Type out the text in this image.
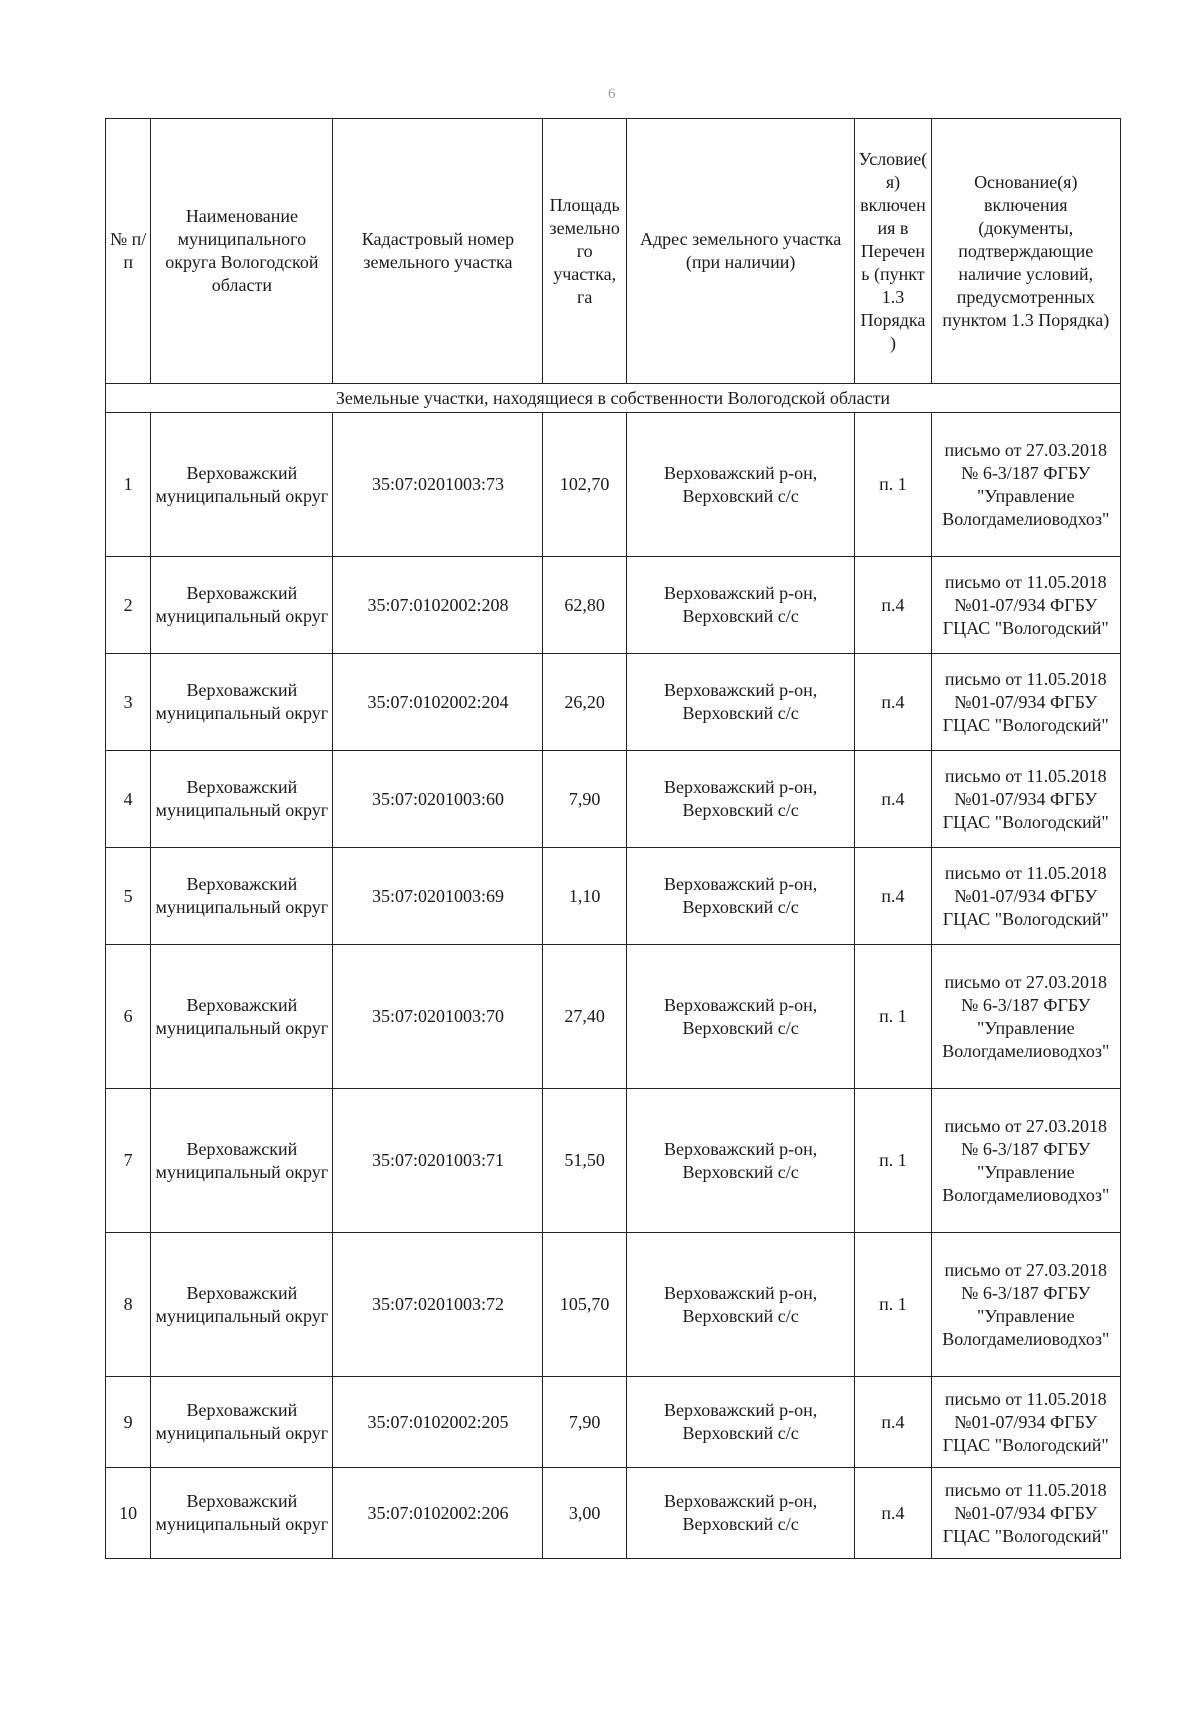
6
№ п/п	Наименование муниципального округа Вологодской области	Кадастровый номер земельного участка	Площадь земельного участка, га	Адрес земельного участка (при наличии)	Условие(я) включения в Перечень (пункт 1.3 Порядка)	Основание(я) включения (документы, подтверждающие наличие условий, предусмотренных пунктом 1.3 Порядка)
Земельные участки, находящиеся в собственности Вологодской области						
1	Верховажский муниципальный округ	35:07:0201003:73	102,70	Верховажский р-он, Верховский с/с	п. 1	письмо от 27.03.2018 № 6-3/187 ФГБУ "Управление Вологдамелиоводхоз"
2	Верховажский муниципальный округ	35:07:0102002:208	62,80	Верховажский р-он, Верховский с/с	п.4	письмо от 11.05.2018 №01-07/934 ФГБУ ГЦАС "Вологодский"
3	Верховажский муниципальный округ	35:07:0102002:204	26,20	Верховажский р-он, Верховский с/с	п.4	письмо от 11.05.2018 №01-07/934 ФГБУ ГЦАС "Вологодский"
4	Верховажский муниципальный округ	35:07:0201003:60	7,90	Верховажский р-он, Верховский с/с	п.4	письмо от 11.05.2018 №01-07/934 ФГБУ ГЦАС "Вологодский"
5	Верховажский муниципальный округ	35:07:0201003:69	1,10	Верховажский р-он, Верховский с/с	п.4	письмо от 11.05.2018 №01-07/934 ФГБУ ГЦАС "Вологодский"
6	Верховажский муниципальный округ	35:07:0201003:70	27,40	Верховажский р-он, Верховский с/с	п. 1	письмо от 27.03.2018 № 6-3/187 ФГБУ "Управление Вологдамелиоводхоз"
7	Верховажский муниципальный округ	35:07:0201003:71	51,50	Верховажский р-он, Верховский с/с	п. 1	письмо от 27.03.2018 № 6-3/187 ФГБУ "Управление Вологдамелиоводхоз"
8	Верховажский муниципальный округ	35:07:0201003:72	105,70	Верховажский р-он, Верховский с/с	п. 1	письмо от 27.03.2018 № 6-3/187 ФГБУ "Управление Вологдамелиоводхоз"
9	Верховажский муниципальный округ	35:07:0102002:205	7,90	Верховажский р-он, Верховский с/с	п.4	письмо от 11.05.2018 №01-07/934 ФГБУ ГЦАС "Вологодский"
10	Верховажский муниципальный округ	35:07:0102002:206	3,00	Верховажский р-он, Верховский с/с	п.4	письмо от 11.05.2018 №01-07/934 ФГБУ ГЦАС "Вологодский"
